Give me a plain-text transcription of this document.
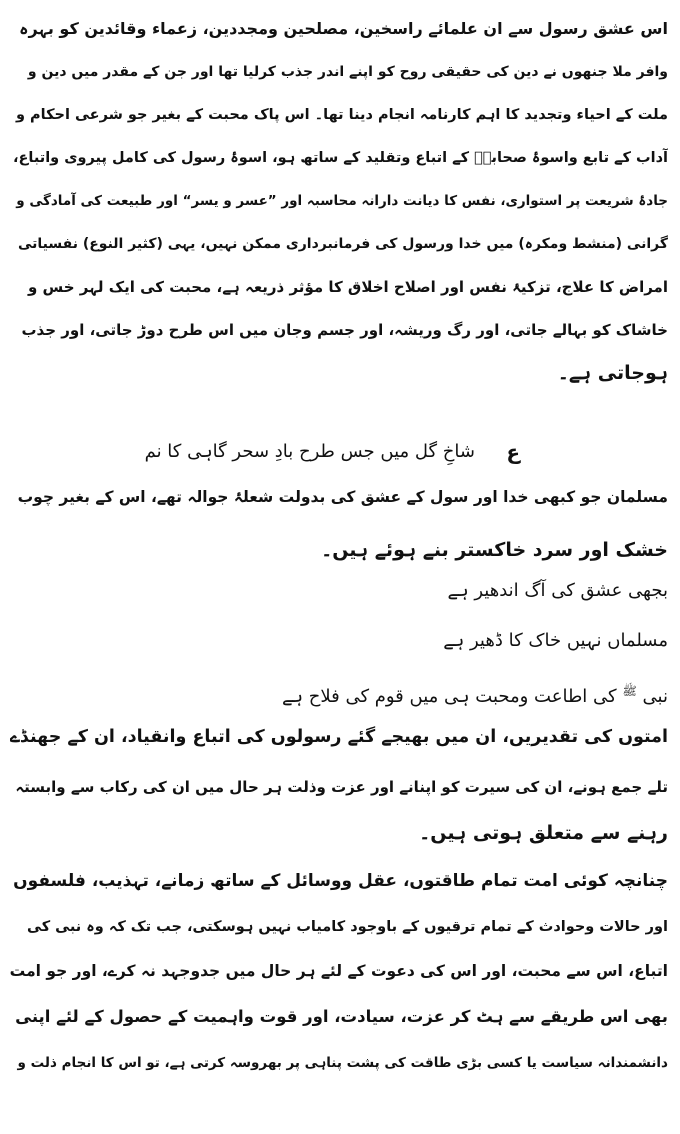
اس عشق رسول سے ان علمائے راسخین، مصلحین ومجددین، زعماء وقائدین کو بہرہ
وافر ملا جنھوں نے دین کی حقیقی روح کو اپنے اندر جذب کرلیا تھا اور جن کے مقدر میں دین و
ملت کے احیاء وتجدید کا اہم کارنامہ انجام دینا تھا۔ اس پاک محبت کے بغیر جو شرعی احکام و
آداب کے تابع واسوۂ صحابہؓ کے اتباع وتقلید کے ساتھ ہو، اسوۂ رسول کی کامل پیروی واتباع،
جادۂ شریعت پر استواری، نفس کا دیانت دارانہ محاسبہ اور ”عسر و یسر“ اور طبیعت کی آمادگی و
گرانی (منشط ومکرہ) میں خدا ورسول کی فرمانبرداری ممکن نہیں، یہی (کثیر النوع) نفسیاتی
امراض کا علاج، تزکیۂ نفس اور اصلاح اخلاق کا مؤثر ذریعہ ہے، محبت کی ایک لہر خس و
خاشاک کو بہالے جاتی، اور رگ وریشہ، اور جسم وجان میں اس طرح دوڑ جاتی، اور جذب
ہوجاتی ہے۔
ع
شاخِ گل میں جس طرح بادِ سحر گاہی کا نم
مسلمان جو کبھی خدا اور سول کے عشق کی بدولت شعلۂ جوالہ تھے، اس کے بغیر چوب
خشک اور سرد خاکستر بنے ہوئے ہیں۔
بجھی عشق کی آگ اندھیر ہے
مسلماں نہیں خاک کا ڈھیر ہے
نبی $^ﷺ$ کی اطاعت ومحبت ہی میں قوم کی فلاح ہے
امتوں کی تقدیریں، ان میں بھیجے گئے رسولوں کی اتباع وانقیاد، ان کے جھنڈے
تلے جمع ہونے، ان کی سیرت کو اپنانے اور عزت وذلت ہر حال میں ان کی رکاب سے وابستہ
رہنے سے متعلق ہوتی ہیں۔
چنانچہ کوئی امت تمام طاقتوں، عقل ووسائل کے ساتھ زمانے، تہذیب، فلسفوں
اور حالات وحوادث کے تمام ترقیوں کے باوجود کامیاب نہیں ہوسکتی، جب تک کہ وہ نبی کی
اتباع، اس سے محبت، اور اس کی دعوت کے لئے ہر حال میں جدوجہد نہ کرے، اور جو امت
بھی اس طریقے سے ہٹ کر عزت، سیادت، اور قوت واہمیت کے حصول کے لئے اپنی
دانشمندانہ سیاست یا کسی بڑی طاقت کی پشت پناہی پر بھروسہ کرتی ہے، تو اس کا انجام ذلت و
